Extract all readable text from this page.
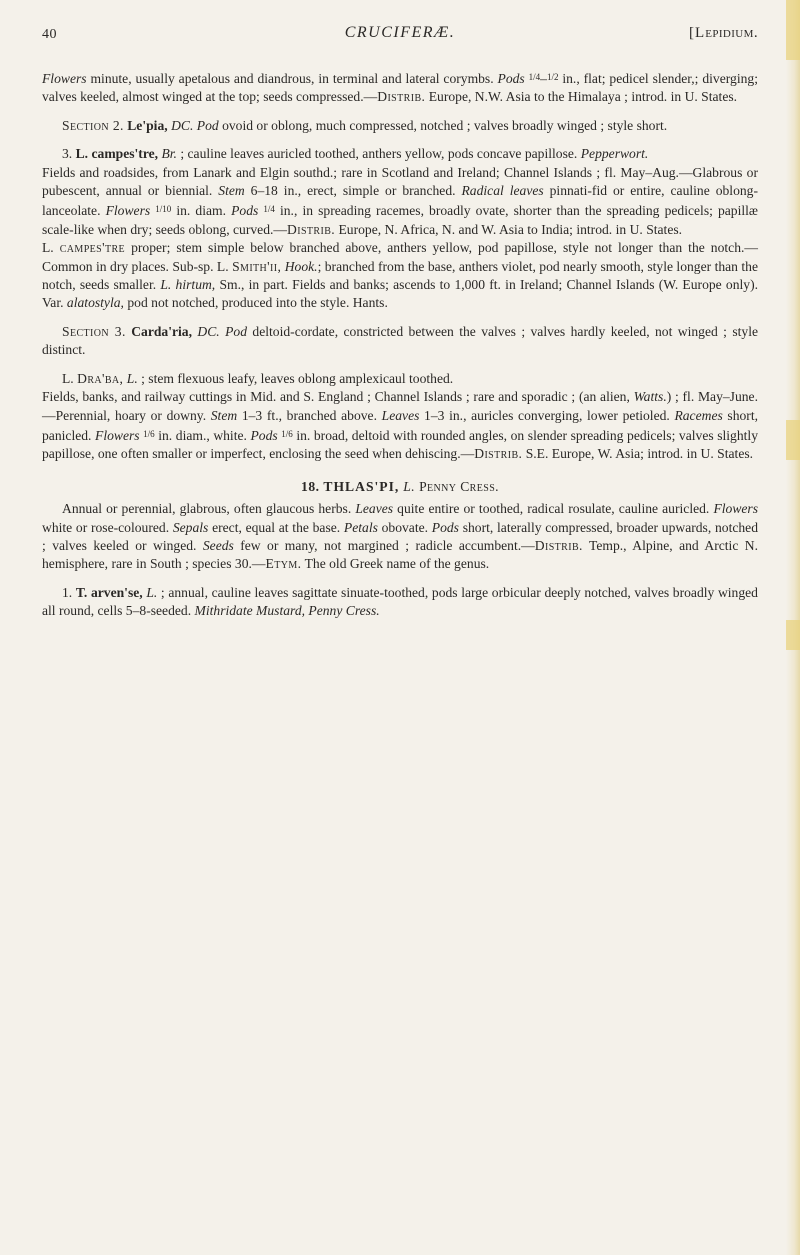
40	CRUCIFERÆ.	[Lepidium.

Flowers minute, usually apetalous and diandrous, in terminal and lateral corymbs. Pods $^{1/4}$–$^{1/2}$ in., flat; pedicel slender,; diverging; valves keeled, almost winged at the top; seeds compressed.—Distrib. Europe, N.W. Asia to the Himalaya ; introd. in U. States.

Section 2. Le'pia, DC. Pod ovoid or oblong, much compressed, notched ; valves broadly winged ; style short.

3. L. campes'tre, Br. ; cauline leaves auricled toothed, anthers yellow, pods concave papillose. Pepperwort.

Fields and roadsides, from Lanark and Elgin southd.; rare in Scotland and Ireland; Channel Islands ; fl. May–Aug.—Glabrous or pubescent, annual or biennial. Stem 6–18 in., erect, simple or branched. Radical leaves pinnati-fid or entire, cauline oblong-lanceolate. Flowers $^{1/10}$ in. diam. Pods $^{1/4}$ in., in spreading racemes, broadly ovate, shorter than the spreading pedicels; papillæ scale-like when dry; seeds oblong, curved.—Distrib. Europe, N. Africa, N. and W. Asia to India; introd. in U. States.

L. campes'tre proper; stem simple below branched above, anthers yellow, pod papillose, style not longer than the notch.—Common in dry places. Sub-sp. L. Smith'ii, Hook.; branched from the base, anthers violet, pod nearly smooth, style longer than the notch, seeds smaller. L. hirtum, Sm., in part. Fields and banks; ascends to 1,000 ft. in Ireland; Channel Islands (W. Europe only). Var. alatostyla, pod not notched, produced into the style. Hants.

Section 3. Carda'ria, DC. Pod deltoid-cordate, constricted between the valves ; valves hardly keeled, not winged ; style distinct.

L. Dra'ba, L. ; stem flexuous leafy, leaves oblong amplexicaul toothed.

Fields, banks, and railway cuttings in Mid. and S. England ; Channel Islands ; rare and sporadic ; (an alien, Watts.) ; fl. May–June.—Perennial, hoary or downy. Stem 1–3 ft., branched above. Leaves 1–3 in., auricles converging, lower petioled. Racemes short, panicled. Flowers $^{1/6}$ in. diam., white. Pods $^{1/6}$ in. broad, deltoid with rounded angles, on slender spreading pedicels; valves slightly papillose, one often smaller or imperfect, enclosing the seed when dehiscing.—Distrib. S.E. Europe, W. Asia; introd. in U. States.

18. THLAS'PI, L. Penny Cress.

Annual or perennial, glabrous, often glaucous herbs. Leaves quite entire or toothed, radical rosulate, cauline auricled. Flowers white or rose-coloured. Sepals erect, equal at the base. Petals obovate. Pods short, laterally compressed, broader upwards, notched ; valves keeled or winged. Seeds few or many, not margined ; radicle accumbent.—Distrib. Temp., Alpine, and Arctic N. hemisphere, rare in South ; species 30.—Etym. The old Greek name of the genus.

1. T. arven'se, L. ; annual, cauline leaves sagittate sinuate-toothed, pods large orbicular deeply notched, valves broadly winged all round, cells 5–8-seeded. Mithridate Mustard, Penny Cress.
